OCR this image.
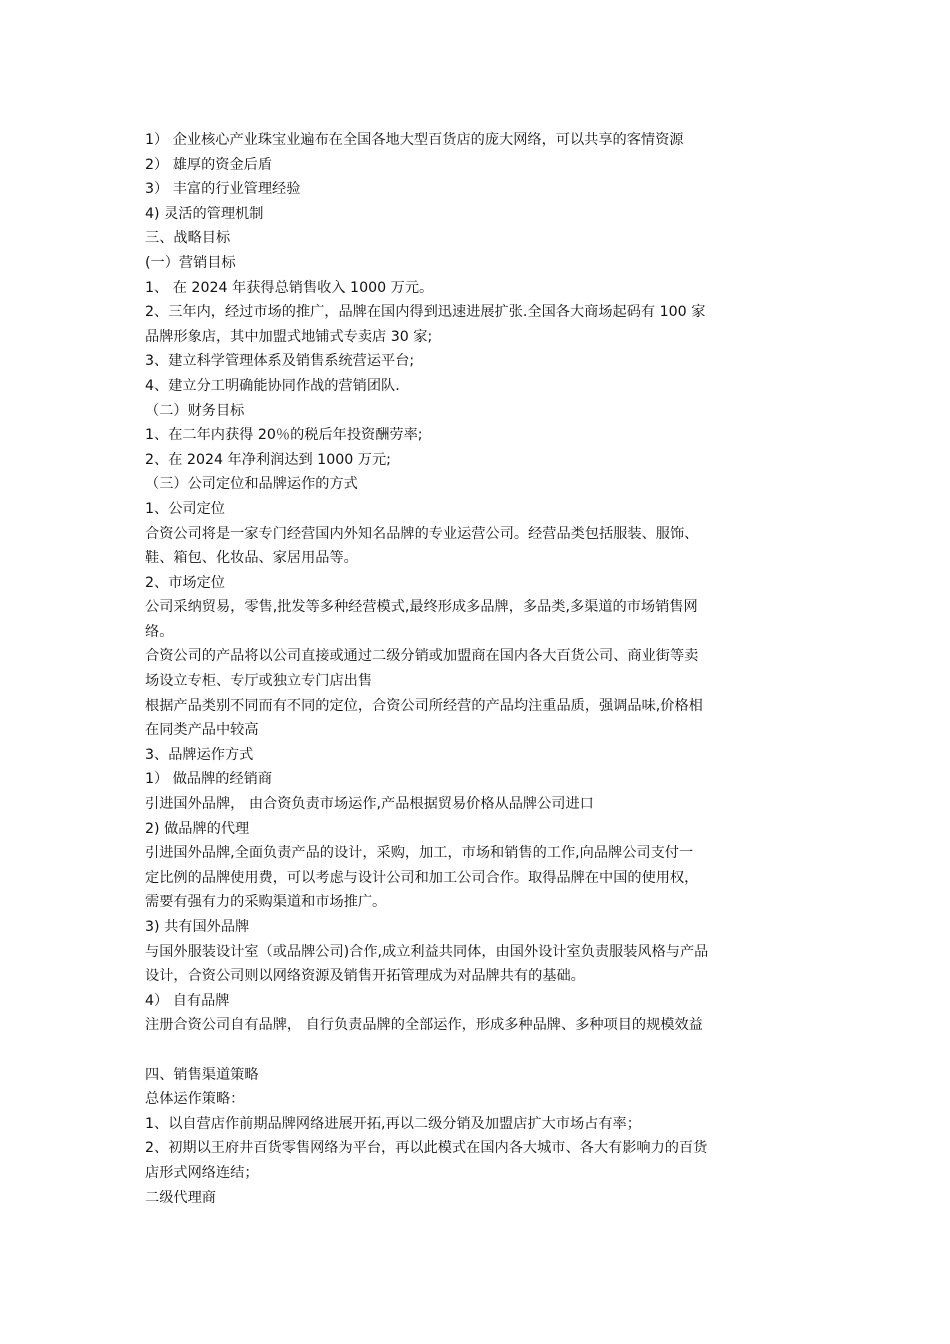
1） 企业核心产业珠宝业遍布在全国各地大型百货店的庞大网络，可以共享的客情资源
2） 雄厚的资金后盾
3） 丰富的行业管理经验
4) 灵活的管理机制
三、战略目标
(一）营销目标
1、 在 2024 年获得总销售收入 1000 万元。
2、三年内，经过市场的推广，品牌在国内得到迅速进展扩张.全国各大商场起码有 100 家
品牌形象店，其中加盟式地铺式专卖店 30 家;
3、建立科学管理体系及销售系统营运平台;
4、建立分工明确能协同作战的营销团队.
（二）财务目标
1、在二年内获得 20％的税后年投资酬劳率;
2、在 2024 年净利润达到 1000 万元;
（三）公司定位和品牌运作的方式
1、公司定位
合资公司将是一家专门经营国内外知名品牌的专业运营公司。经营品类包括服装、服饰、
鞋、箱包、化妆品、家居用品等。
2、市场定位
公司采纳贸易，零售,批发等多种经营模式,最终形成多品牌，多品类,多渠道的市场销售网
络。
合资公司的产品将以公司直接或通过二级分销或加盟商在国内各大百货公司、商业街等卖
场设立专柜、专厅或独立专门店出售
根据产品类别不同而有不同的定位，合资公司所经营的产品均注重品质，强调品味,价格相
在同类产品中较高
3、品牌运作方式
1） 做品牌的经销商
引进国外品牌， 由合资负责市场运作,产品根据贸易价格从品牌公司进口
2) 做品牌的代理
引进国外品牌,全面负责产品的设计，采购，加工，市场和销售的工作,向品牌公司支付一
定比例的品牌使用费，可以考虑与设计公司和加工公司合作。取得品牌在中国的使用权，
需要有强有力的采购渠道和市场推广。
3) 共有国外品牌
与国外服装设计室（或品牌公司)合作,成立利益共同体，由国外设计室负责服装风格与产品
设计，合资公司则以网络资源及销售开拓管理成为对品牌共有的基础。
4） 自有品牌
注册合资公司自有品牌， 自行负责品牌的全部运作，形成多种品牌、多种项目的规模效益
四、销售渠道策略
总体运作策略：
1、以自营店作前期品牌网络进展开拓,再以二级分销及加盟店扩大市场占有率；
2、初期以王府井百货零售网络为平台，再以此模式在国内各大城市、各大有影响力的百货
店形式网络连结；
二级代理商
